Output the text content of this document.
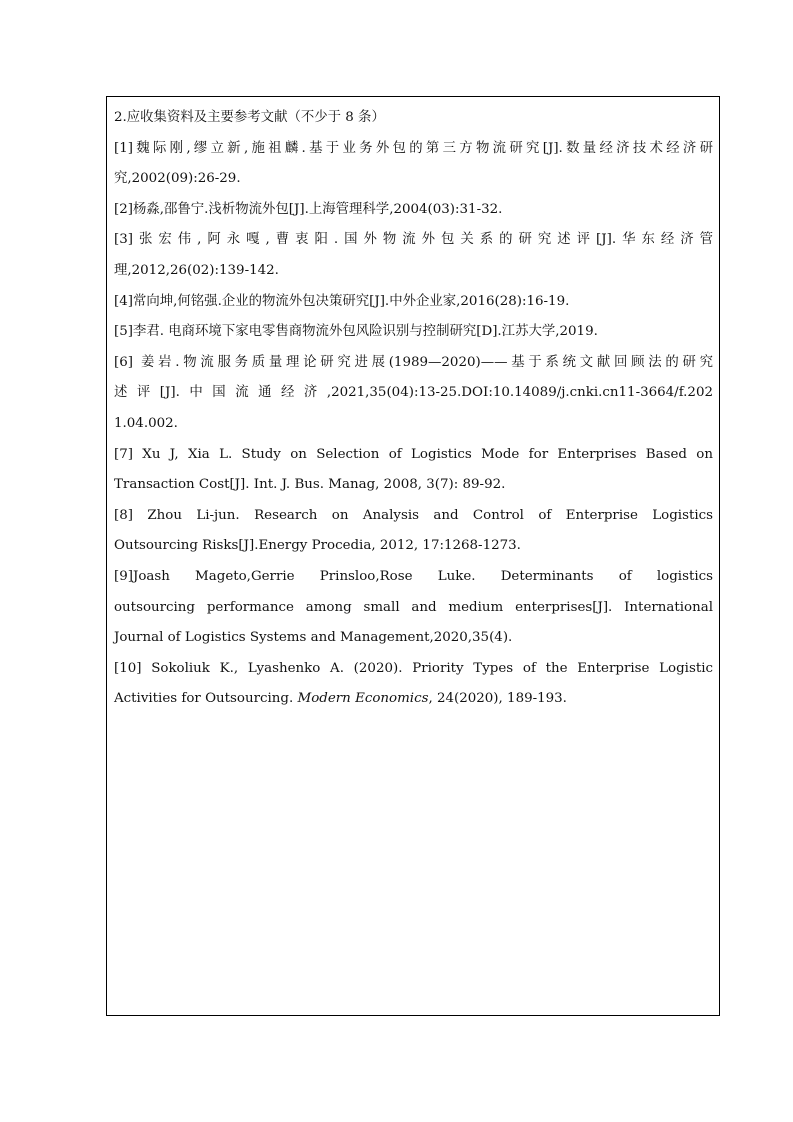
2.应收集资料及主要参考文献（不少于 8 条）
[1]魏际刚,缪立新,施祖麟.基于业务外包的第三方物流研究[J].数量经济技术经济研
究,2002(09):26-29.
[2]杨淼,邵鲁宁.浅析物流外包[J].上海管理科学,2004(03):31-32.
[3]张宏伟,阿永嘎,曹衷阳.国外物流外包关系的研究述评[J].华东经济管
理,2012,26(02):139-142.
[4]常向坤,何铭强.企业的物流外包决策研究[J].中外企业家,2016(28):16-19.
[5]李君. 电商环境下家电零售商物流外包风险识别与控制研究[D].江苏大学,2019.
[6] 姜岩.物流服务质量理论研究进展(1989—2020)——基于系统文献回顾法的研究
述评[J].中国流通经济,2021,35(04):13-25.DOI:10.14089/j.cnki.cn11-3664/f.202
1.04.002.
[7] Xu J, Xia L. Study on Selection of Logistics Mode for Enterprises Based on
Transaction Cost[J]. Int. J. Bus. Manag, 2008, 3(7): 89-92.
[8] Zhou Li-jun. Research on Analysis and Control of Enterprise Logistics
Outsourcing Risks[J].Energy Procedia, 2012, 17:1268-1273.
[9]Joash Mageto,Gerrie Prinsloo,Rose Luke. Determinants of logistics
outsourcing performance among small and medium enterprises[J]. International
Journal of Logistics Systems and Management,2020,35(4).
[10] Sokoliuk K., Lyashenko A. (2020). Priority Types of the Enterprise Logistic
Activities for Outsourcing. Modern Economics, 24(2020), 189-193.
